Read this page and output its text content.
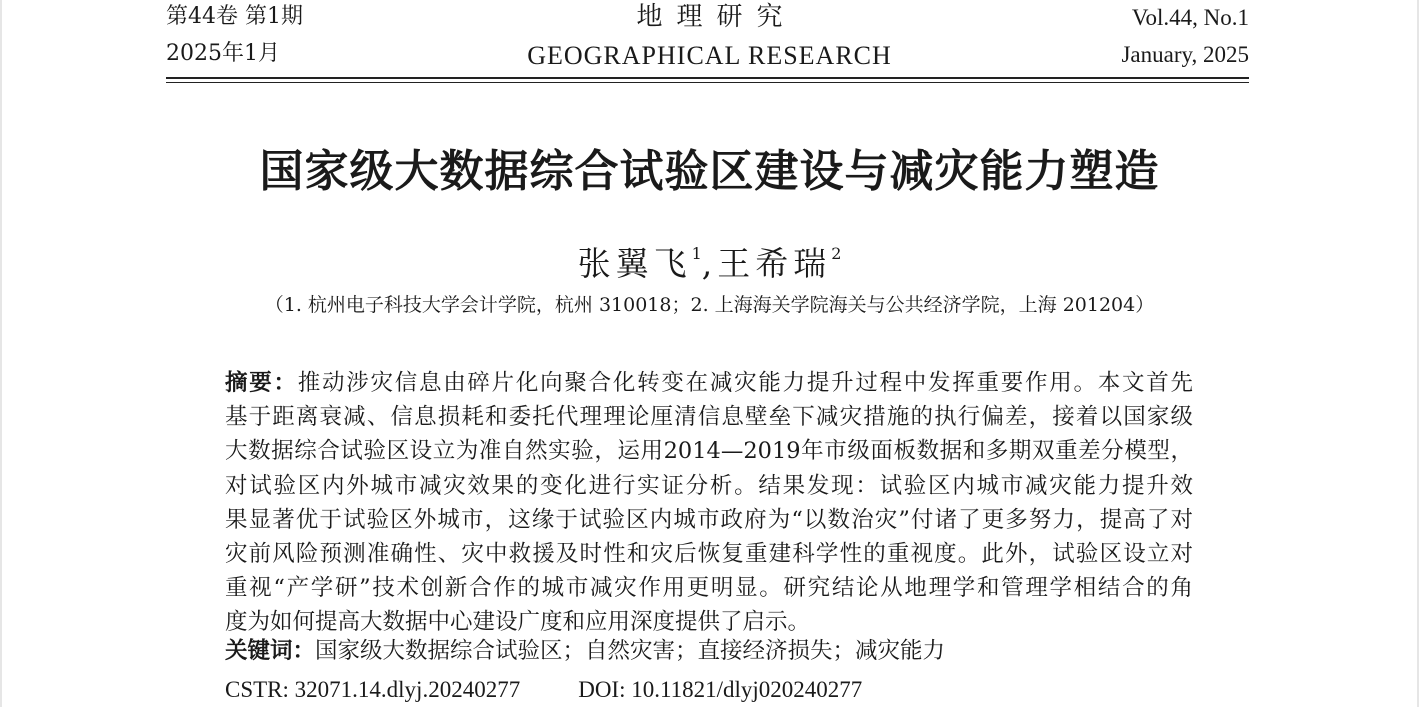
第44卷 第1期
2025年1月
地理研究
GEOGRAPHICAL RESEARCH
Vol.44, No.1
January, 2025
国家级大数据综合试验区建设与减灾能力塑造
张翼飞$^1$,王希瑞$^2$
（1. 杭州电子科技大学会计学院，杭州 310018；2. 上海海关学院海关与公共经济学院，上海 201204）
摘要：推动涉灾信息由碎片化向聚合化转变在减灾能力提升过程中发挥重要作用。本文首先
基于距离衰减、信息损耗和委托代理理论厘清信息壁垒下减灾措施的执行偏差，接着以国家级
大数据综合试验区设立为准自然实验，运用2014—2019年市级面板数据和多期双重差分模型，
对试验区内外城市减灾效果的变化进行实证分析。结果发现：试验区内城市减灾能力提升效
果显著优于试验区外城市，这缘于试验区内城市政府为“以数治灾”付诸了更多努力，提高了对
灾前风险预测准确性、灾中救援及时性和灾后恢复重建科学性的重视度。此外，试验区设立对
重视“产学研”技术创新合作的城市减灾作用更明显。研究结论从地理学和管理学相结合的角
度为如何提高大数据中心建设广度和应用深度提供了启示。
关键词：国家级大数据综合试验区；自然灾害；直接经济损失；减灾能力
CSTR: 32071.14.dlyj.20240277	DOI: 10.11821/dlyj020240277
